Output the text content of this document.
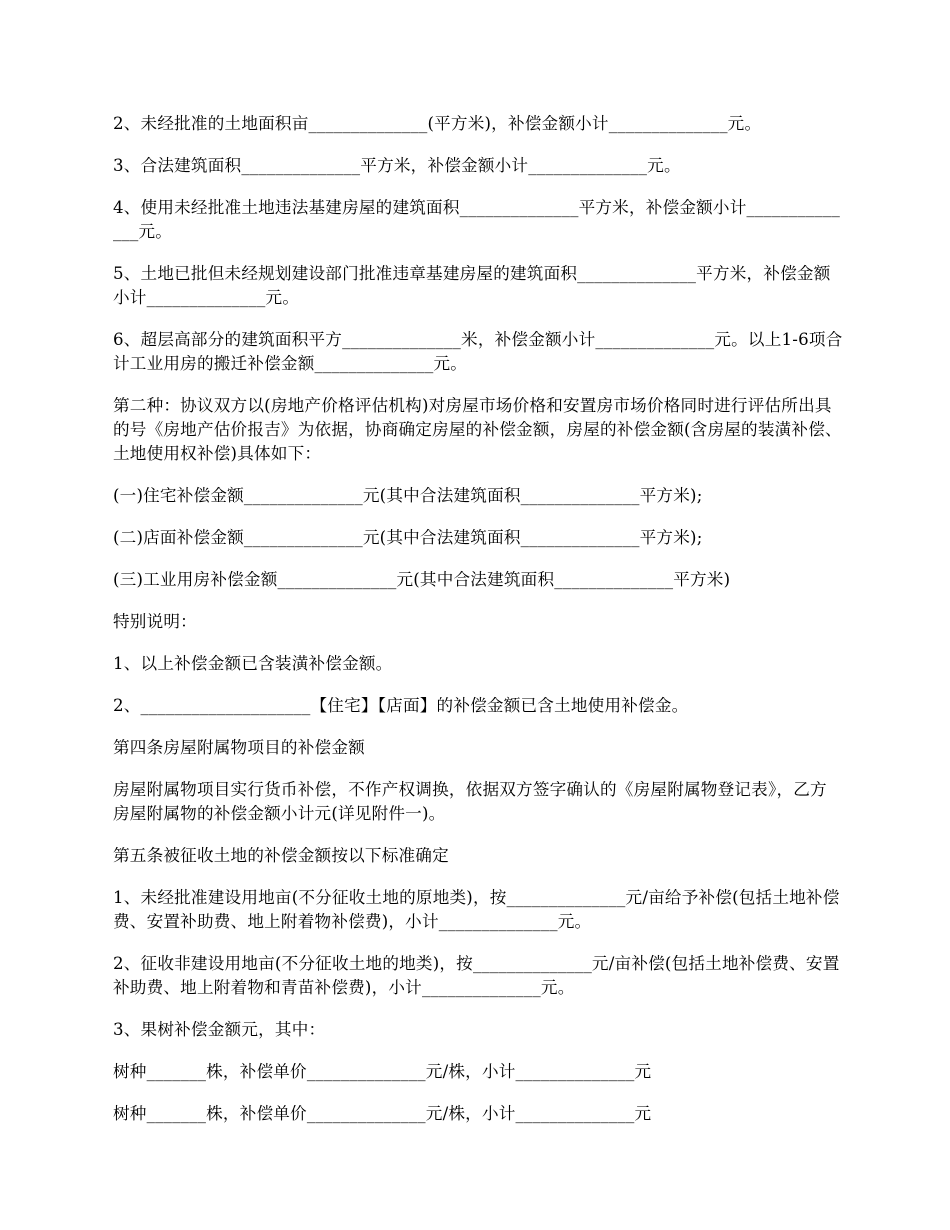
2、未经批准的土地面积亩______________(平方米)，补偿金额小计______________元。

3、合法建筑面积______________平方米，补偿金额小计______________元。

4、使用未经批准土地违法基建房屋的建筑面积______________平方米，补偿金额小计______________元。

5、土地已批但未经规划建设部门批准违章基建房屋的建筑面积______________平方米，补偿金额小计______________元。

6、超层高部分的建筑面积平方______________米，补偿金额小计______________元。以上1-6项合计工业用房的搬迁补偿金额______________元。

第二种：协议双方以(房地产价格评估机构)对房屋市场价格和安置房市场价格同时进行评估所出具的号《房地产估价报吉》为依据，协商确定房屋的补偿金额，房屋的补偿金额(含房屋的装潢补偿、土地使用权补偿)具体如下：

(一)住宅补偿金额______________元(其中合法建筑面积______________平方米);

(二)店面补偿金额______________元(其中合法建筑面积______________平方米);

(三)工业用房补偿金额______________元(其中合法建筑面积______________平方米)

特别说明：

1、以上补偿金额已含装潢补偿金额。

2、____________________【住宅】【店面】的补偿金额已含土地使用补偿金。

第四条房屋附属物项目的补偿金额

房屋附属物项目实行货币补偿，不作产权调换，依据双方签字确认的《房屋附属物登记表》，乙方房屋附属物的补偿金额小计元(详见附件一)。

第五条被征收土地的补偿金额按以下标准确定

1、未经批准建设用地亩(不分征收土地的原地类)，按______________元/亩给予补偿(包括土地补偿费、安置补助费、地上附着物补偿费)，小计______________元。

2、征收非建设用地亩(不分征收土地的地类)，按______________元/亩补偿(包括土地补偿费、安置补助费、地上附着物和青苗补偿费)，小计______________元。

3、果树补偿金额元，其中：

树种_______株，补偿单价______________元/株，小计______________元

树种_______株，补偿单价______________元/株，小计______________元
